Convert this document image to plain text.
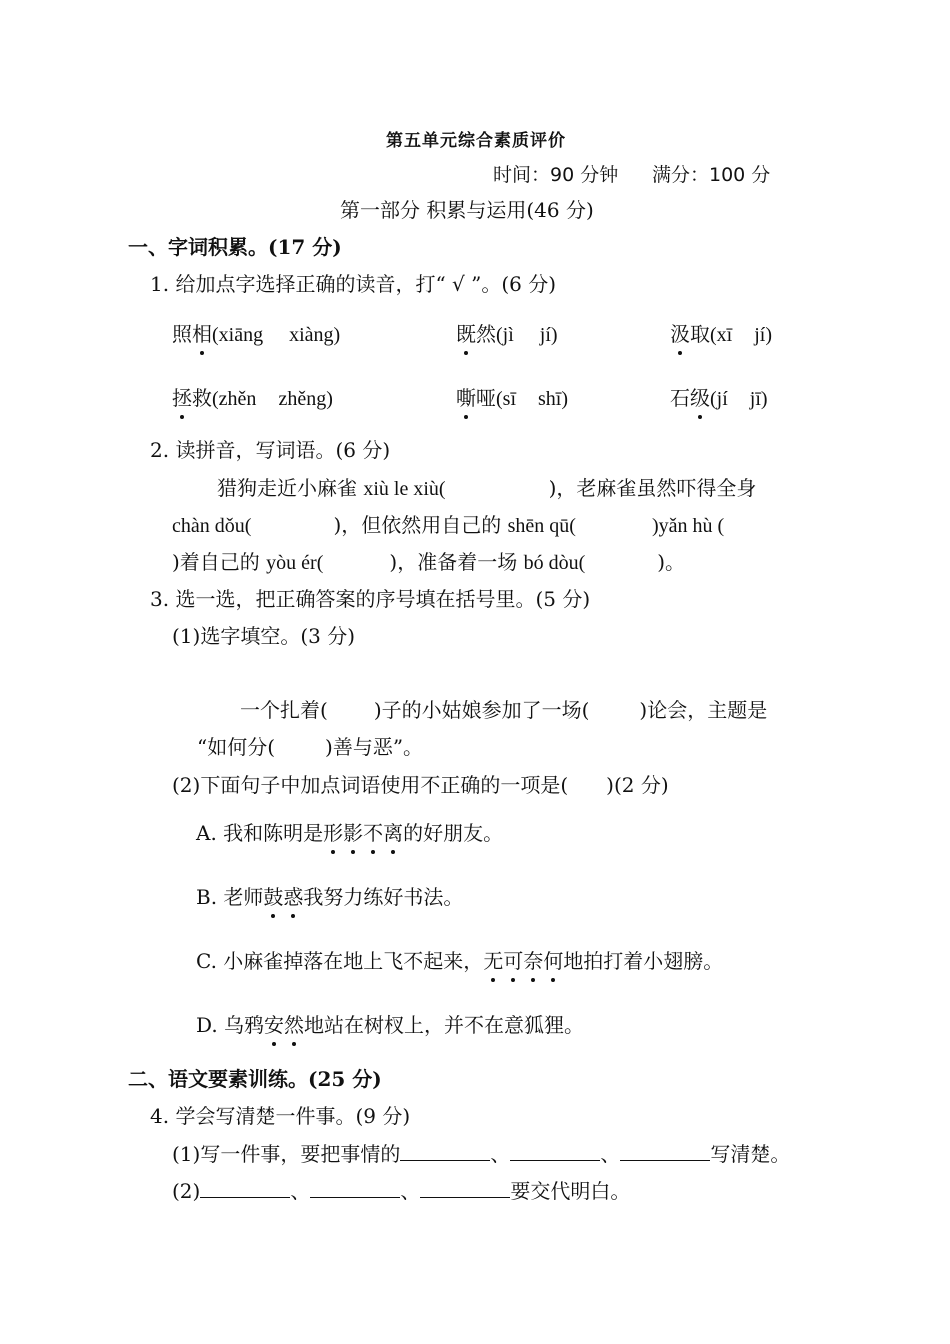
第五单元综合素质评价
时间：90 分钟 满分：100 分
第一部分 积累与运用(46 分)
一、字词积累。(17 分)
1. 给加点字选择正确的读音，打“ √ ”。(6 分)
照相(xiāng xiàng)	既然(jì jí)	汲取(xī jí)
拯救(zhěn zhěng)	嘶哑(sī shī)	石级(jí jī)
2. 读拼音，写词语。(6 分)
猎狗走近小麻雀 xiù le xiù(	)，老麻雀虽然吓得全身
chàn dǒu(	)，但依然用自己的 shēn qū(	)yǎn hù (
)着自己的 yòu ér(	)，准备着一场 bó dòu(	)。
3. 选一选，把正确答案的序号填在括号里。(5 分)
(1)选字填空。(3 分)
一个扎着( )子的小姑娘参加了一场(	)论会，主题是
“如何分(	)善与恶”。
(2)下面句子中加点词语使用不正确的一项是( )(2 分)
A. 我和陈明是形影不离的好朋友。
B. 老师鼓惑我努力练好书法。
C. 小麻雀掉落在地上飞不起来，无可奈何地拍打着小翅膀。
D. 乌鸦安然地站在树杈上，并不在意狐狸。
二、语文要素训练。(25 分)
4. 学会写清楚一件事。(9 分)
(1)写一件事，要把事情的	、	、	写清楚。
(2)	、	、	要交代明白。
